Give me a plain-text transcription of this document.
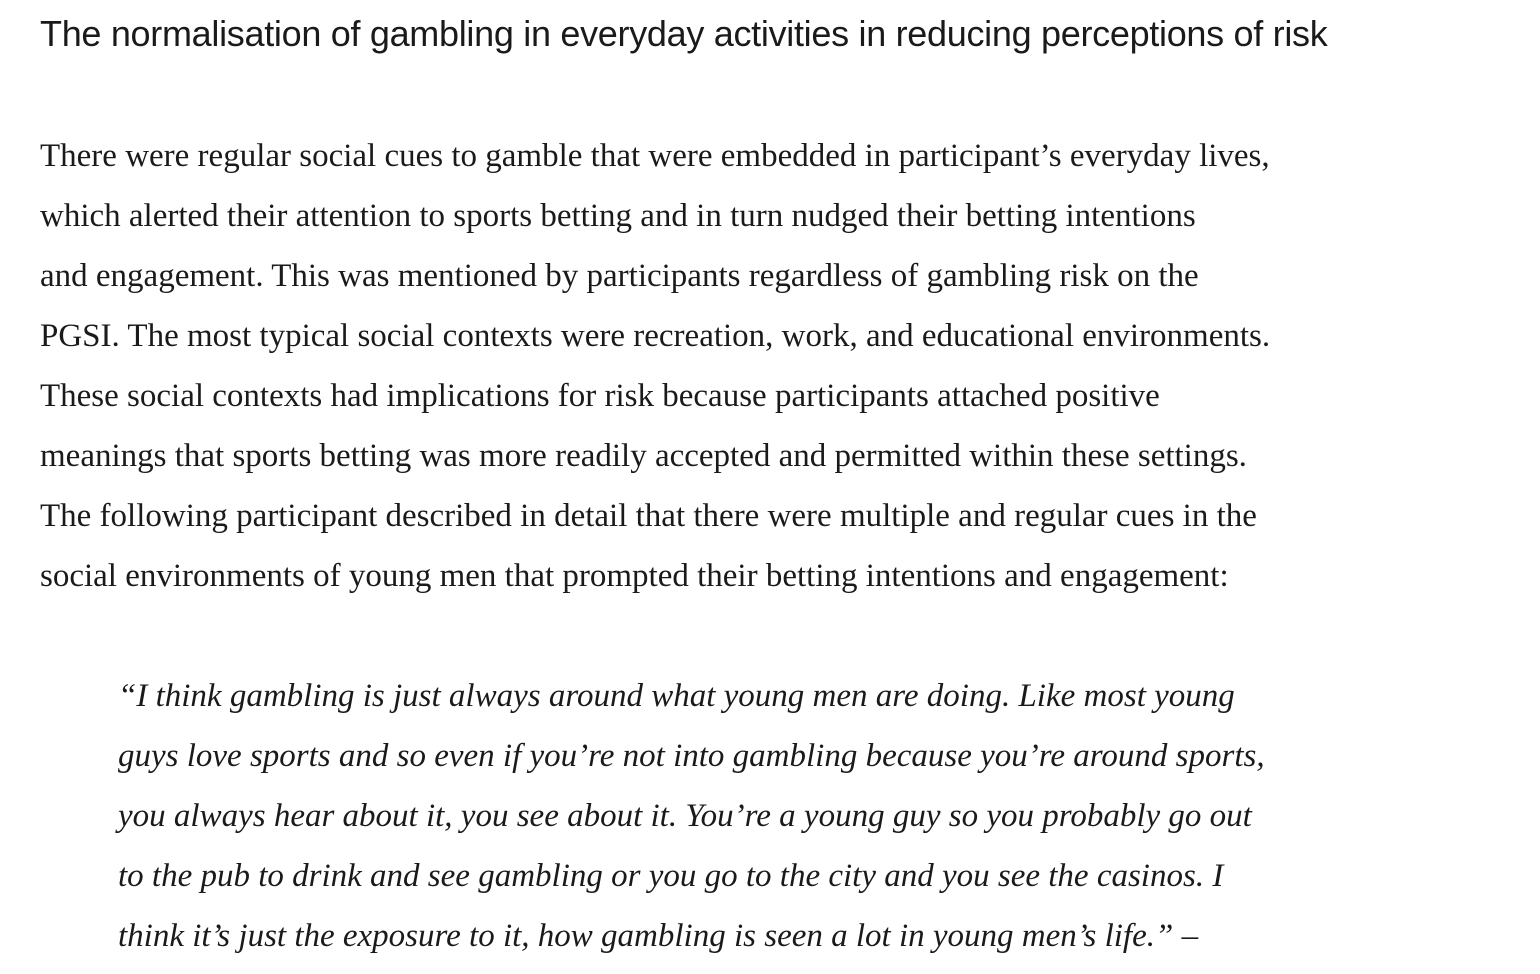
The normalisation of gambling in everyday activities in reducing perceptions of risk

There were regular social cues to gamble that were embedded in participant’s everyday lives,
which alerted their attention to sports betting and in turn nudged their betting intentions
and engagement. This was mentioned by participants regardless of gambling risk on the
PGSI. The most typical social contexts were recreation, work, and educational environments.
These social contexts had implications for risk because participants attached positive
meanings that sports betting was more readily accepted and permitted within these settings.
The following participant described in detail that there were multiple and regular cues in the
social environments of young men that prompted their betting intentions and engagement:

“I think gambling is just always around what young men are doing. Like most young
guys love sports and so even if you’re not into gambling because you’re around sports,
you always hear about it, you see about it. You’re a young guy so you probably go out
to the pub to drink and see gambling or you go to the city and you see the casinos. I
think it’s just the exposure to it, how gambling is seen a lot in young men’s life.” –
